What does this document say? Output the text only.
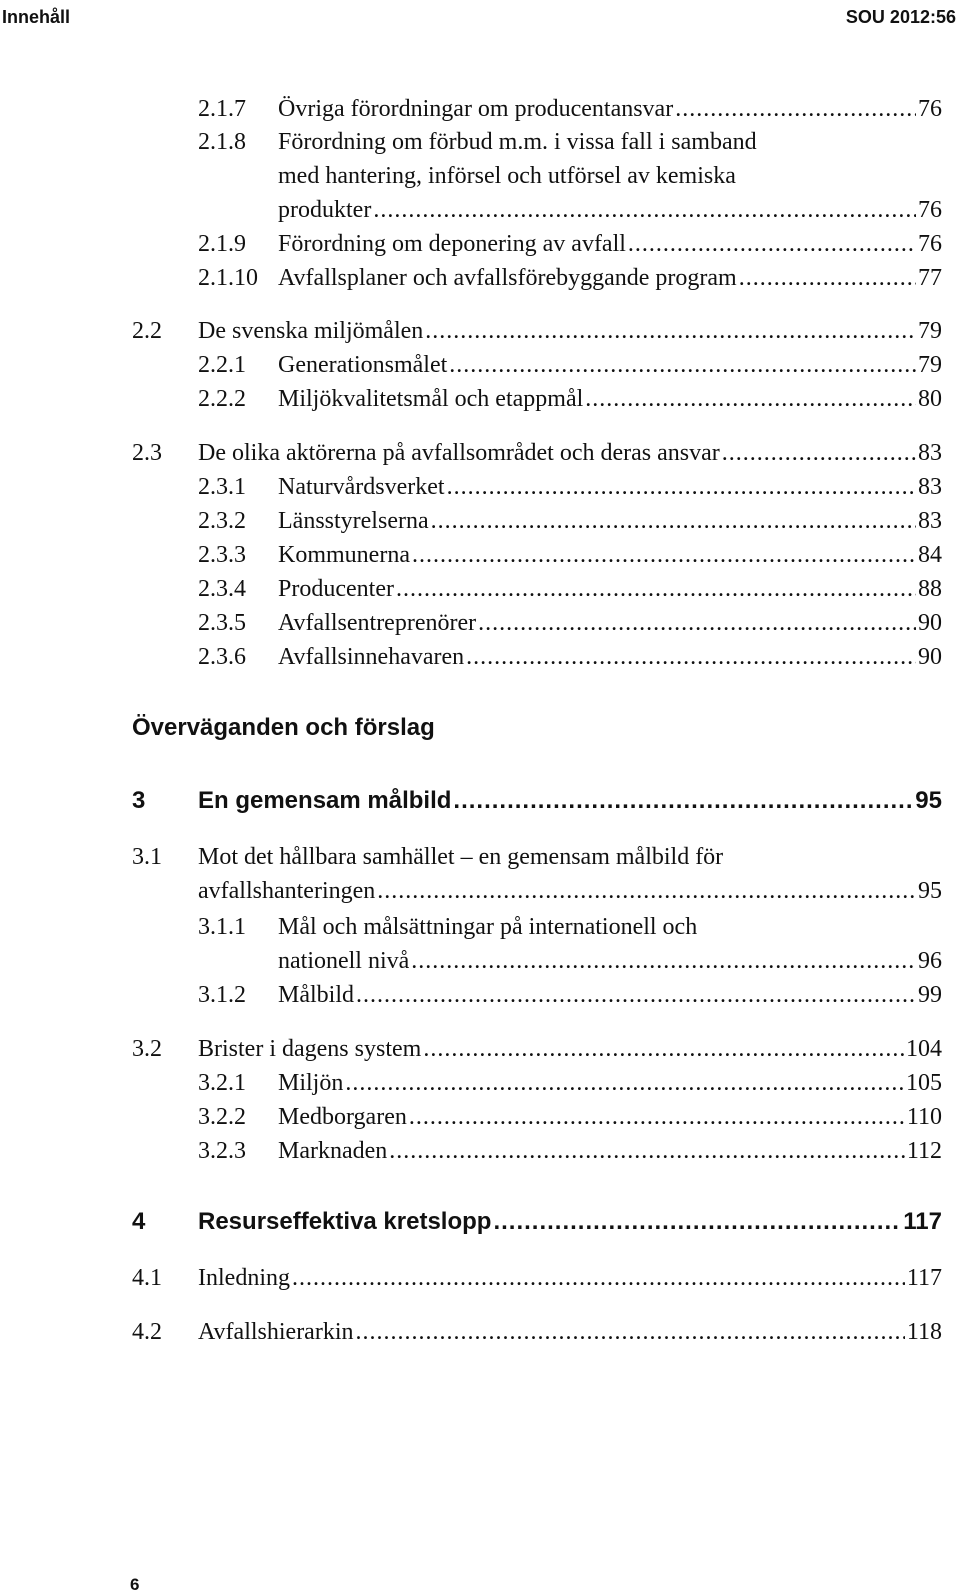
Innehåll	SOU 2012:56
2.1.7	Övriga förordningar om producentansvar .....	76
2.1.8	Förordning om förbud m.m. i vissa fall i samband
med hantering, införsel och utförsel av kemiska
produkter .....	76
2.1.9	Förordning om deponering av avfall .....	76
2.1.10 Avfallsplaner och avfallsförebyggande program .....	77
2.2	De svenska miljömålen .....	79
2.2.1	Generationsmålet .....	79
2.2.2	Miljökvalitetsmål och etappmål .....	80
2.3	De olika aktörerna på avfallsområdet och deras ansvar .....	83
2.3.1	Naturvårdsverket .....	83
2.3.2	Länsstyrelserna .....	83
2.3.3	Kommunerna .....	84
2.3.4	Producenter .....	88
2.3.5	Avfallsentreprenörer .....	90
2.3.6	Avfallsinnehavaren .....	90
Överväganden och förslag
3	En gemensam målbild .....	95
3.1	Mot det hållbara samhället – en gemensam målbild för
avfallshanteringen .....	95
3.1.1	Mål och målsättningar på internationell och
nationell nivå .....	96
3.1.2	Målbild .....	99
3.2	Brister i dagens system .....	104
3.2.1	Miljön .....	105
3.2.2	Medborgaren .....	110
3.2.3	Marknaden .....	112
4	Resurseffektiva kretslopp .....	117
4.1	Inledning .....	117
4.2	Avfallshierarkin .....	118
6
